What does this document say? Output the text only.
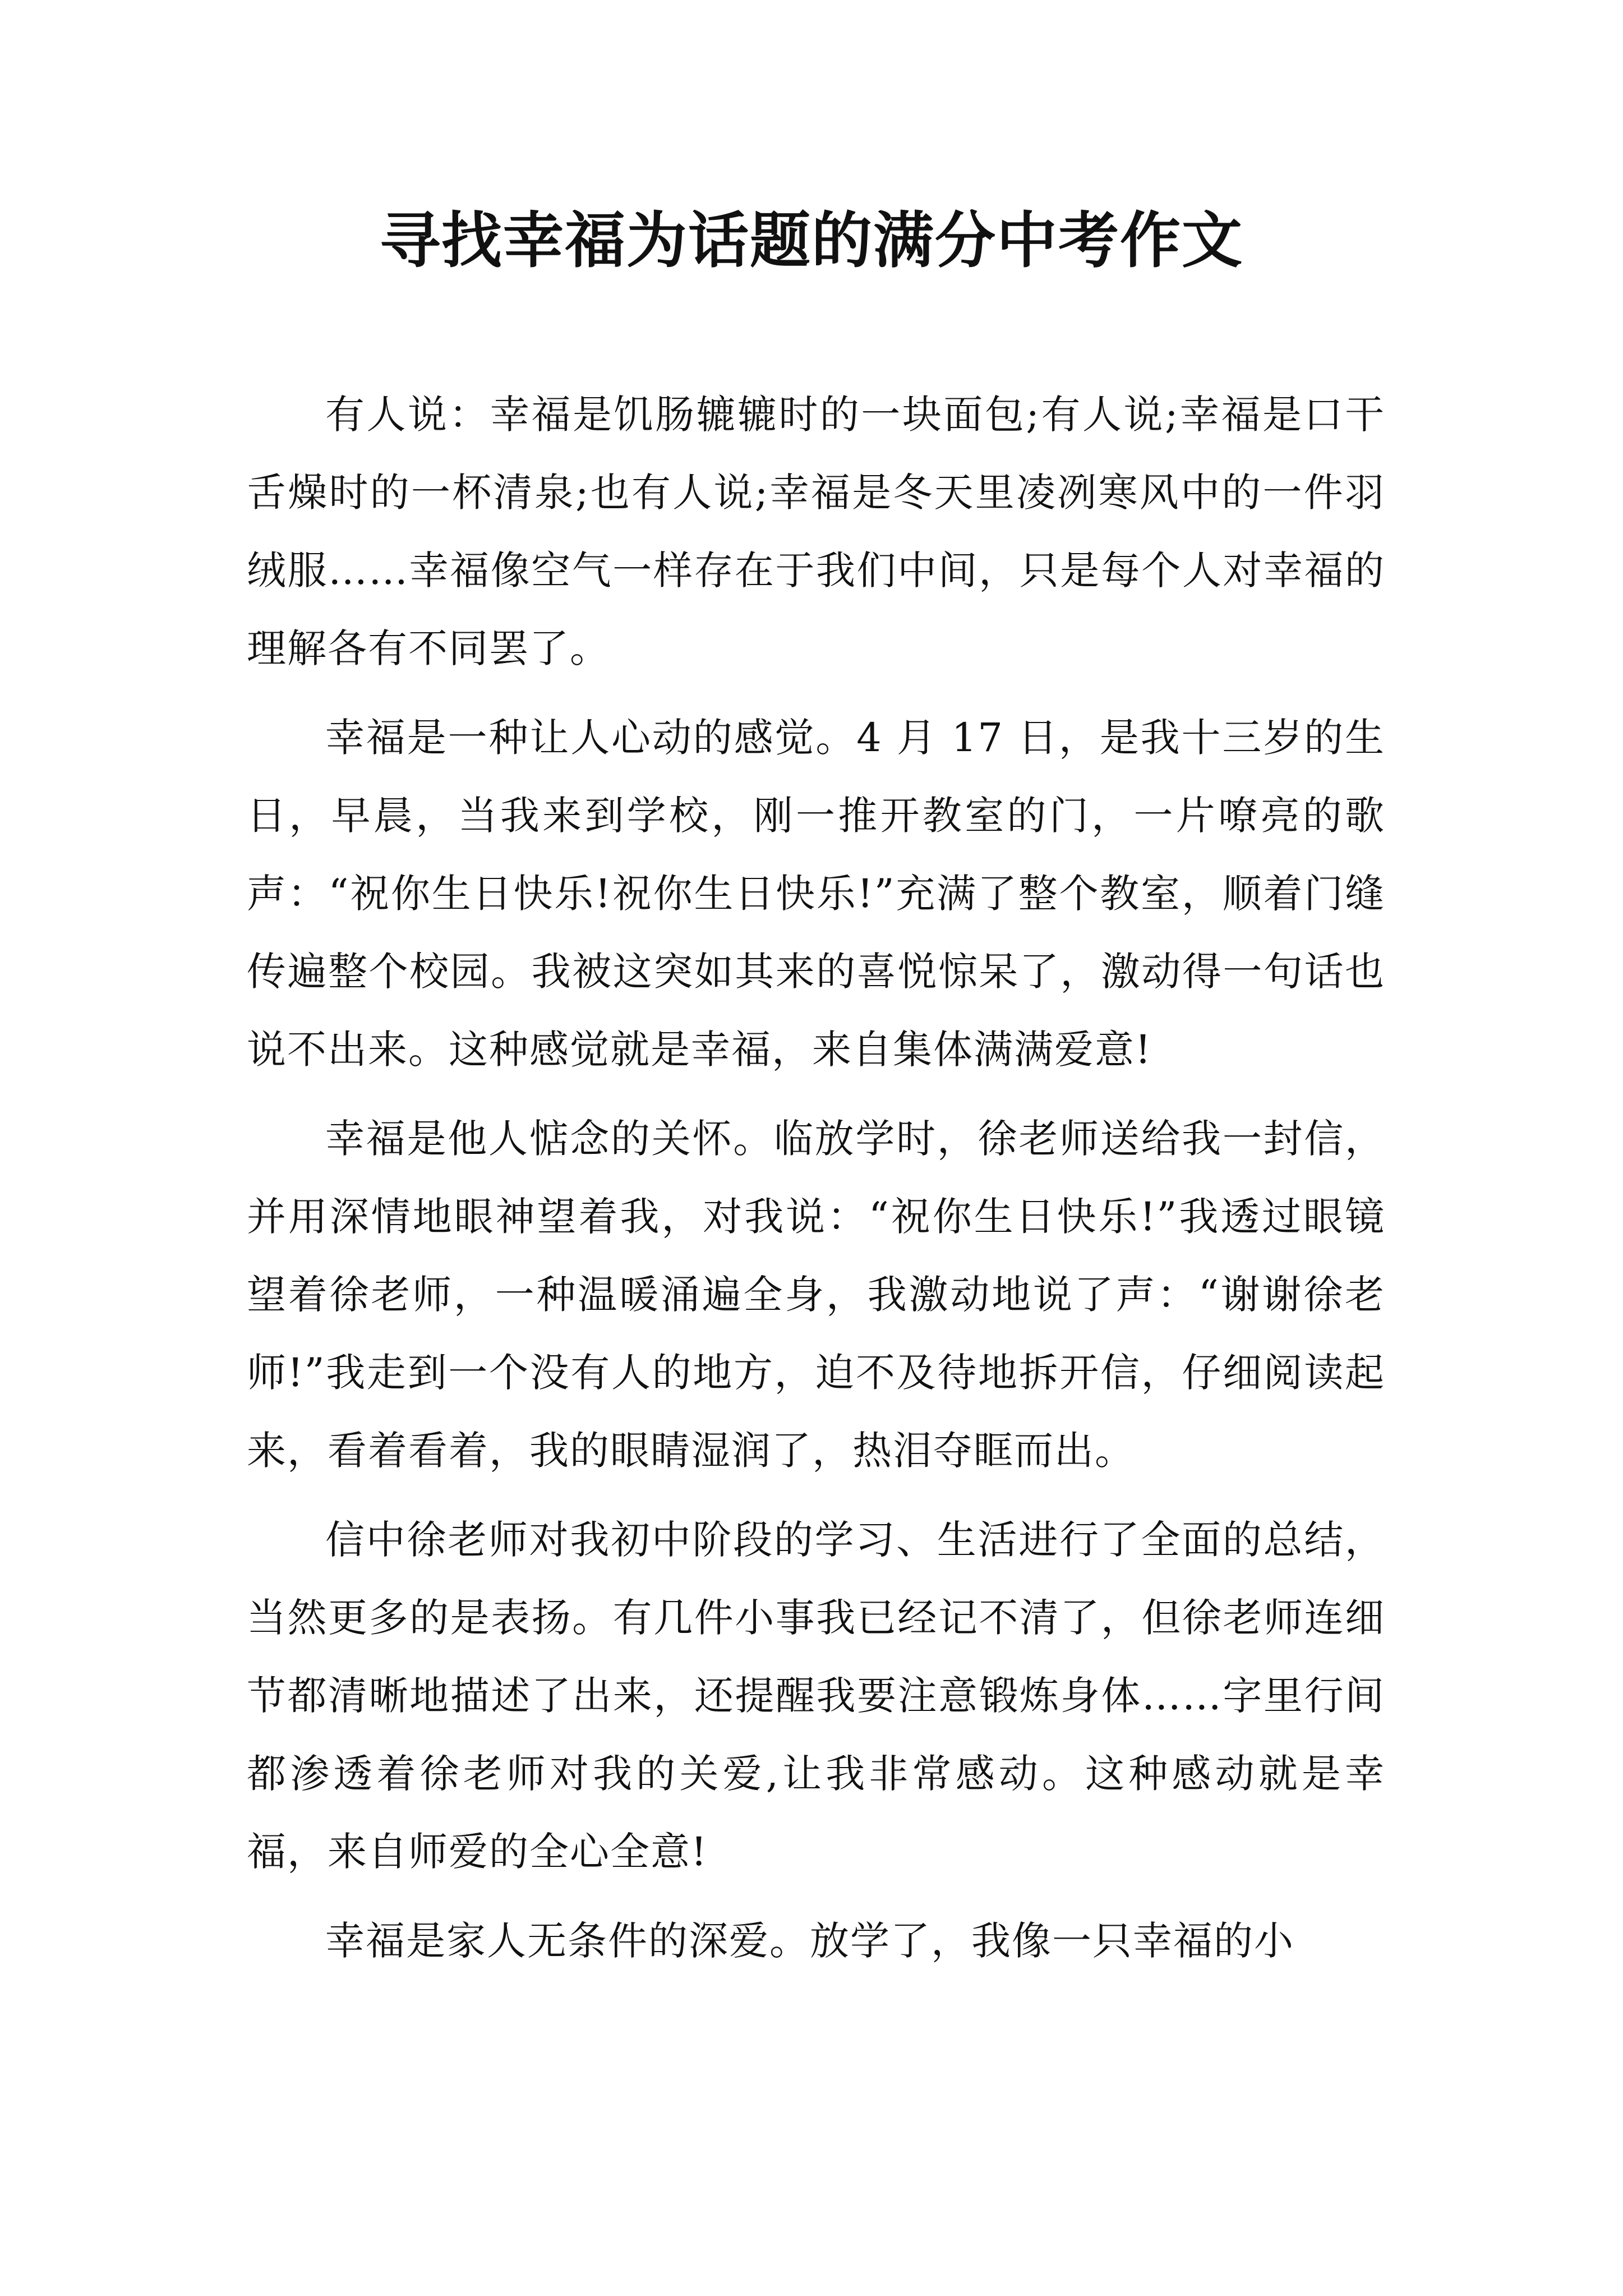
寻找幸福为话题的满分中考作文

有人说：幸福是饥肠辘辘时的一块面包;有人说;幸福是口干舌燥时的一杯清泉;也有人说;幸福是冬天里凌冽寒风中的一件羽绒服……幸福像空气一样存在于我们中间，只是每个人对幸福的理解各有不同罢了。

幸福是一种让人心动的感觉。4 月 17 日，是我十三岁的生日，早晨，当我来到学校，刚一推开教室的门，一片嘹亮的歌声：“祝你生日快乐!祝你生日快乐!”充满了整个教室，顺着门缝传遍整个校园。我被这突如其来的喜悦惊呆了，激动得一句话也说不出来。这种感觉就是幸福，来自集体满满爱意!

幸福是他人惦念的关怀。临放学时，徐老师送给我一封信，并用深情地眼神望着我，对我说：“祝你生日快乐!”我透过眼镜望着徐老师，一种温暖涌遍全身，我激动地说了声：“谢谢徐老师!”我走到一个没有人的地方，迫不及待地拆开信，仔细阅读起来，看着看着，我的眼睛湿润了，热泪夺眶而出。

信中徐老师对我初中阶段的学习、生活进行了全面的总结，当然更多的是表扬。有几件小事我已经记不清了，但徐老师连细节都清晰地描述了出来，还提醒我要注意锻炼身体……字里行间都渗透着徐老师对我的关爱,让我非常感动。这种感动就是幸福，来自师爱的全心全意!

幸福是家人无条件的深爱。放学了，我像一只幸福的小
